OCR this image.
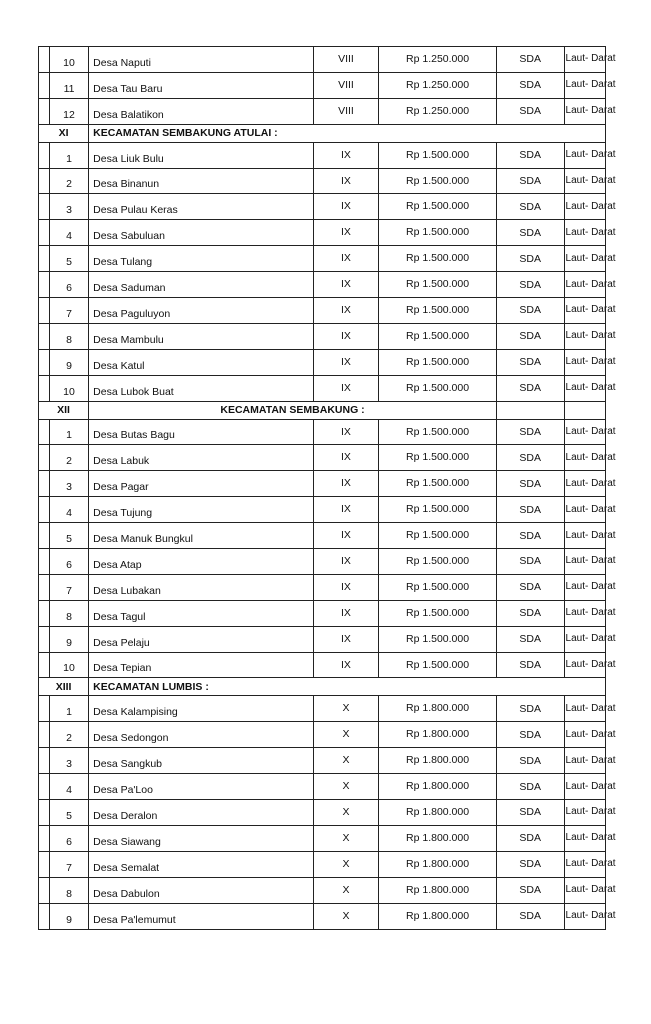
	10	Desa Naputi	VIII	Rp 1.250.000	SDA	Laut- Darat
	11	Desa Tau Baru	VIII	Rp 1.250.000	SDA	Laut- Darat
	12	Desa Balatikon	VIII	Rp 1.250.000	SDA	Laut- Darat
XI		KECAMATAN SEMBAKUNG ATULAI :				
	1	Desa Liuk Bulu	IX	Rp 1.500.000	SDA	Laut- Darat
	2	Desa Binanun	IX	Rp 1.500.000	SDA	Laut- Darat
	3	Desa Pulau Keras	IX	Rp 1.500.000	SDA	Laut- Darat
	4	Desa Sabuluan	IX	Rp 1.500.000	SDA	Laut- Darat
	5	Desa Tulang	IX	Rp 1.500.000	SDA	Laut- Darat
	6	Desa Saduman	IX	Rp 1.500.000	SDA	Laut- Darat
	7	Desa Paguluyon	IX	Rp 1.500.000	SDA	Laut- Darat
	8	Desa Mambulu	IX	Rp 1.500.000	SDA	Laut- Darat
	9	Desa Katul	IX	Rp 1.500.000	SDA	Laut- Darat
	10	Desa Lubok Buat	IX	Rp 1.500.000	SDA	Laut- Darat
XII		KECAMATAN SEMBAKUNG :				
	1	Desa Butas Bagu	IX	Rp 1.500.000	SDA	Laut- Darat
	2	Desa Labuk	IX	Rp 1.500.000	SDA	Laut- Darat
	3	Desa Pagar	IX	Rp 1.500.000	SDA	Laut- Darat
	4	Desa Tujung	IX	Rp 1.500.000	SDA	Laut- Darat
	5	Desa Manuk Bungkul	IX	Rp 1.500.000	SDA	Laut- Darat
	6	Desa Atap	IX	Rp 1.500.000	SDA	Laut- Darat
	7	Desa Lubakan	IX	Rp 1.500.000	SDA	Laut- Darat
	8	Desa Tagul	IX	Rp 1.500.000	SDA	Laut- Darat
	9	Desa Pelaju	IX	Rp 1.500.000	SDA	Laut- Darat
	10	Desa Tepian	IX	Rp 1.500.000	SDA	Laut- Darat
XIII		KECAMATAN LUMBIS :				
	1	Desa Kalampising	X	Rp 1.800.000	SDA	Laut- Darat
	2	Desa Sedongon	X	Rp 1.800.000	SDA	Laut- Darat
	3	Desa Sangkub	X	Rp 1.800.000	SDA	Laut- Darat
	4	Desa Pa'Loo	X	Rp 1.800.000	SDA	Laut- Darat
	5	Desa Deralon	X	Rp 1.800.000	SDA	Laut- Darat
	6	Desa Siawang	X	Rp 1.800.000	SDA	Laut- Darat
	7	Desa Semalat	X	Rp 1.800.000	SDA	Laut- Darat
	8	Desa Dabulon	X	Rp 1.800.000	SDA	Laut- Darat
	9	Desa Pa'lemumut	X	Rp 1.800.000	SDA	Laut- Darat
